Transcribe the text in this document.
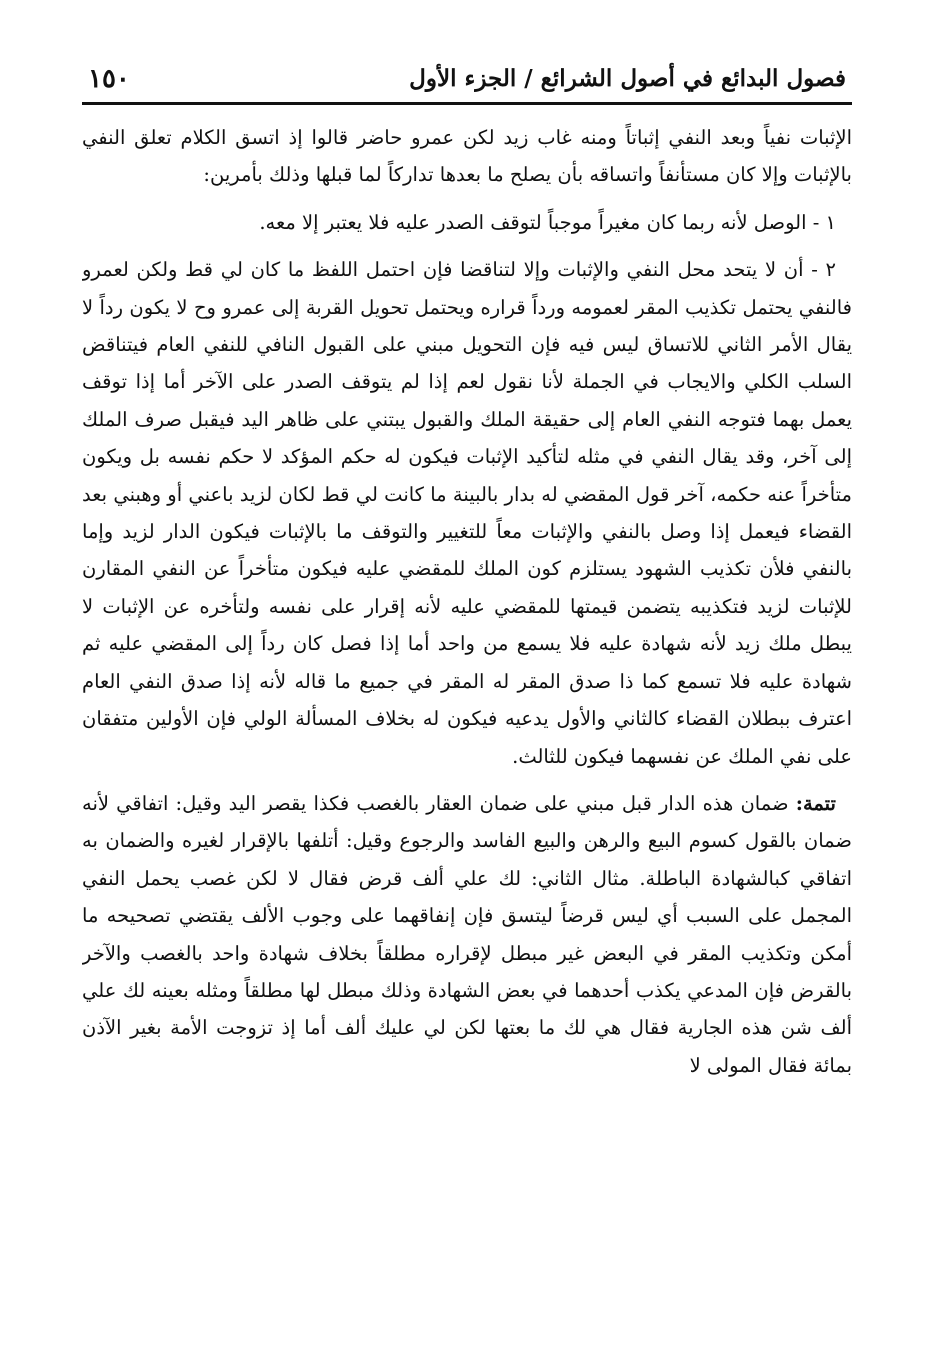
فصول البدائع في أصول الشرائع / الجزء الأول
١٥٠

الإثبات نفياً وبعد النفي إثباتاً ومنه غاب زيد لكن عمرو حاضر قالوا إذ اتسق الكلام تعلق النفي بالإثبات وإلا كان مستأنفاً واتساقه بأن يصلح ما بعدها تداركاً لما قبلها وذلك بأمرين:

١ - الوصل لأنه ربما كان مغيراً موجباً لتوقف الصدر عليه فلا يعتبر إلا معه.

٢ - أن لا يتحد محل النفي والإثبات وإلا لتناقضا فإن احتمل اللفظ ما كان لي قط ولكن لعمرو فالنفي يحتمل تكذيب المقر لعمومه ورداً قراره ويحتمل تحويل القربة إلى عمرو وح لا يكون رداً لا يقال الأمر الثاني للاتساق ليس فيه فإن التحويل مبني على القبول النافي للنفي العام فيتناقض السلب الكلي والايجاب في الجملة لأنا نقول لعم إذا لم يتوقف الصدر على الآخر أما إذا توقف يعمل بهما فتوجه النفي العام إلى حقيقة الملك والقبول يبتني على ظاهر اليد فيقبل صرف الملك إلى آخر، وقد يقال النفي في مثله لتأكيد الإثبات فيكون له حكم المؤكد لا حكم نفسه بل ويكون متأخراً عنه حكمه، آخر قول المقضي له بدار بالبينة ما كانت لي قط لكان لزيد باعني أو وهبني بعد القضاء فيعمل إذا وصل بالنفي والإثبات معاً للتغيير والتوقف ما بالإثبات فيكون الدار لزيد وإما بالنفي فلأن تكذيب الشهود يستلزم كون الملك للمقضي عليه فيكون متأخراً عن النفي المقارن للإثبات لزيد فتكذيبه يتضمن قيمتها للمقضي عليه لأنه إقرار على نفسه ولتأخره عن الإثبات لا يبطل ملك زيد لأنه شهادة عليه فلا يسمع من واحد أما إذا فصل كان رداً إلى المقضي عليه ثم شهادة عليه فلا تسمع كما ذا صدق المقر له المقر في جميع ما قاله لأنه إذا صدق النفي العام اعترف ببطلان القضاء كالثاني والأول يدعيه فيكون له بخلاف المسألة الولي فإن الأولين متفقان على نفي الملك عن نفسهما فيكون للثالث.

تتمة: ضمان هذه الدار قبل مبني على ضمان العقار بالغصب فكذا يقصر اليد وقيل: اتفاقي لأنه ضمان بالقول كسوم البيع والرهن والبيع الفاسد والرجوع وقيل: أتلفها بالإقرار لغيره والضمان به اتفاقي كبالشهادة الباطلة. مثال الثاني: لك علي ألف قرض فقال لا لكن غصب يحمل النفي المجمل على السبب أي ليس قرضاً ليتسق فإن إنفاقهما على وجوب الألف يقتضي تصحيحه ما أمكن وتكذيب المقر في البعض غير مبطل لإقراره مطلقاً بخلاف شهادة واحد بالغصب والآخر بالقرض فإن المدعي يكذب أحدهما في بعض الشهادة وذلك مبطل لها مطلقاً ومثله بعينه لك علي ألف شن هذه الجارية فقال هي لك ما بعتها لكن لي عليك ألف أما إذ تزوجت الأمة بغير الآذن بمائة فقال المولى لا
